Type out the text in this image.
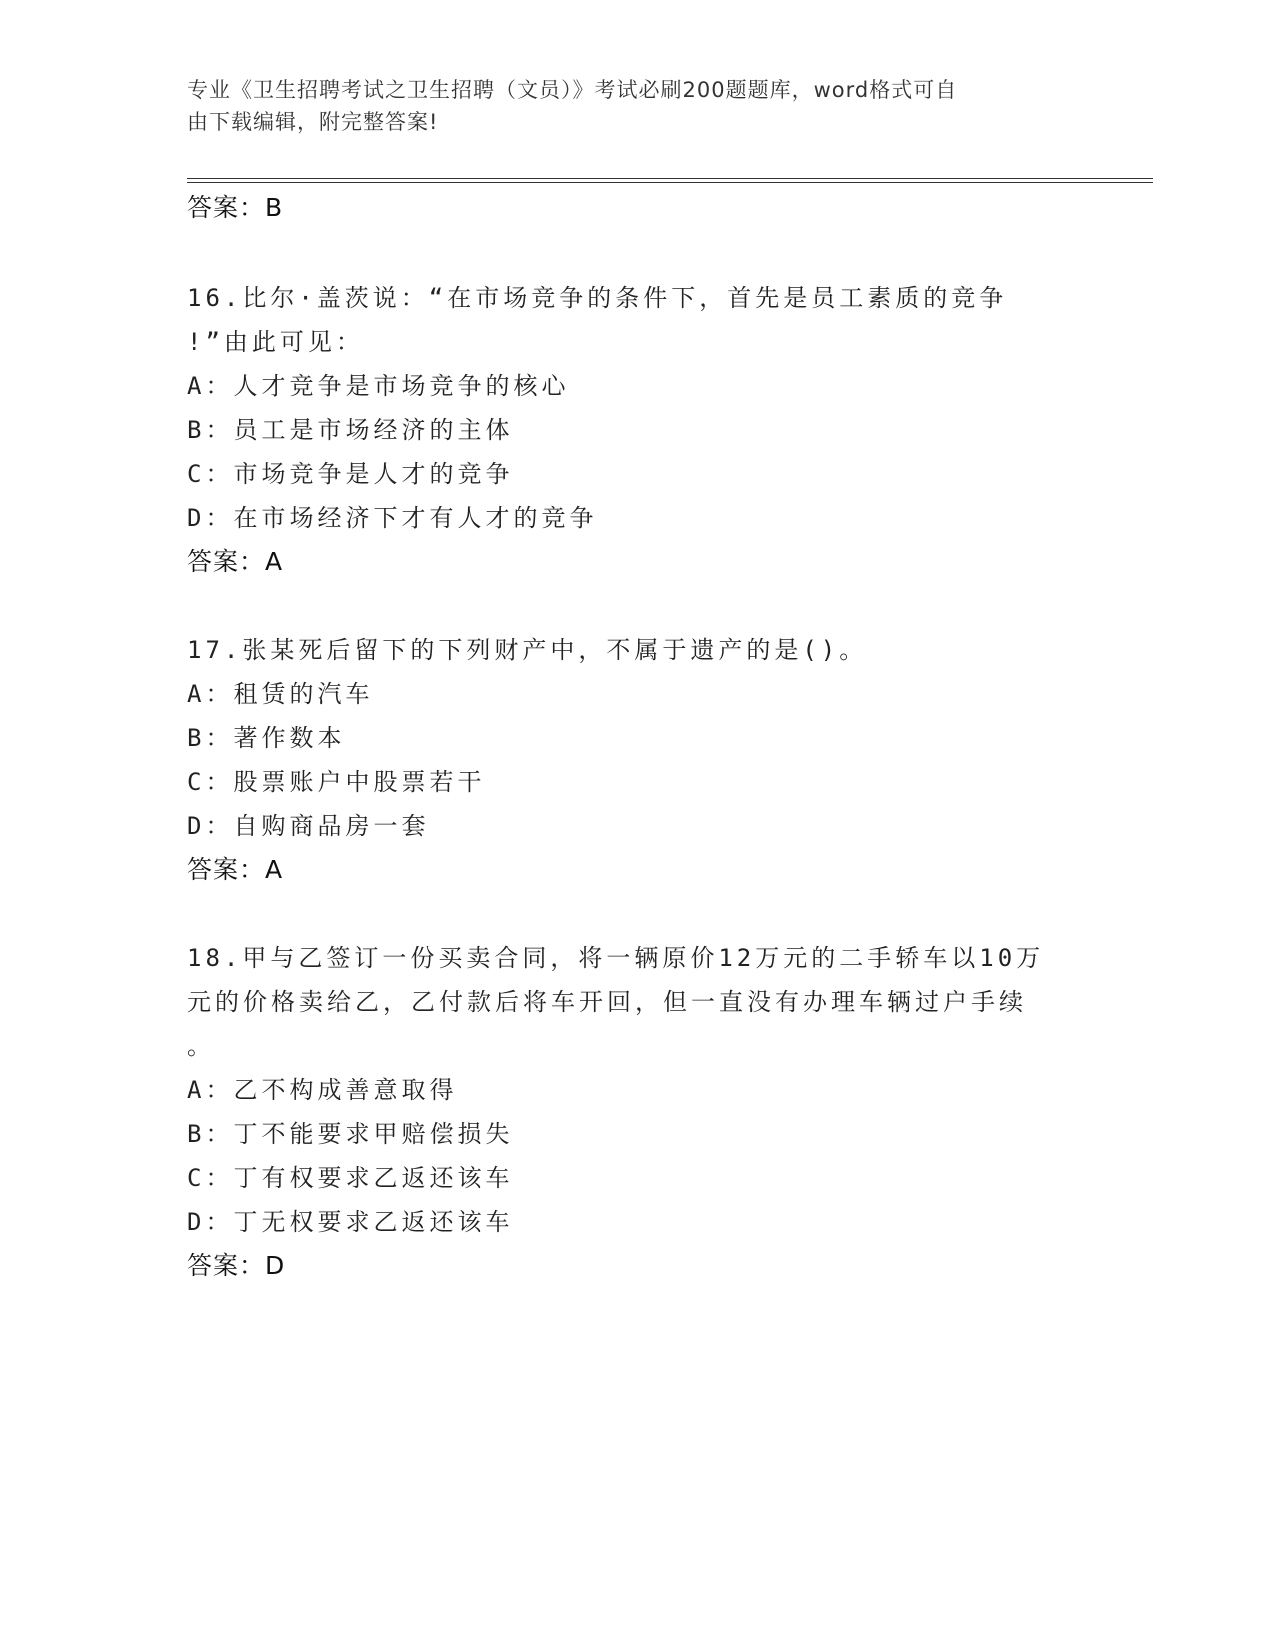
专业《卫生招聘考试之卫生招聘（文员）》考试必刷200题题库，word格式可自
由下载编辑，附完整答案!
答案：B
16.比尔·盖茨说：“在市场竞争的条件下，首先是员工素质的竞争
!”由此可见：
A：人才竞争是市场竞争的核心
B：员工是市场经济的主体
C：市场竞争是人才的竞争
D：在市场经济下才有人才的竞争
答案：A
17.张某死后留下的下列财产中，不属于遗产的是()。
A：租赁的汽车
B：著作数本
C：股票账户中股票若干
D：自购商品房一套
答案：A
18.甲与乙签订一份买卖合同，将一辆原价12万元的二手轿车以10万
元的价格卖给乙，乙付款后将车开回，但一直没有办理车辆过户手续
。
A：乙不构成善意取得
B：丁不能要求甲赔偿损失
C：丁有权要求乙返还该车
D：丁无权要求乙返还该车
答案：D
